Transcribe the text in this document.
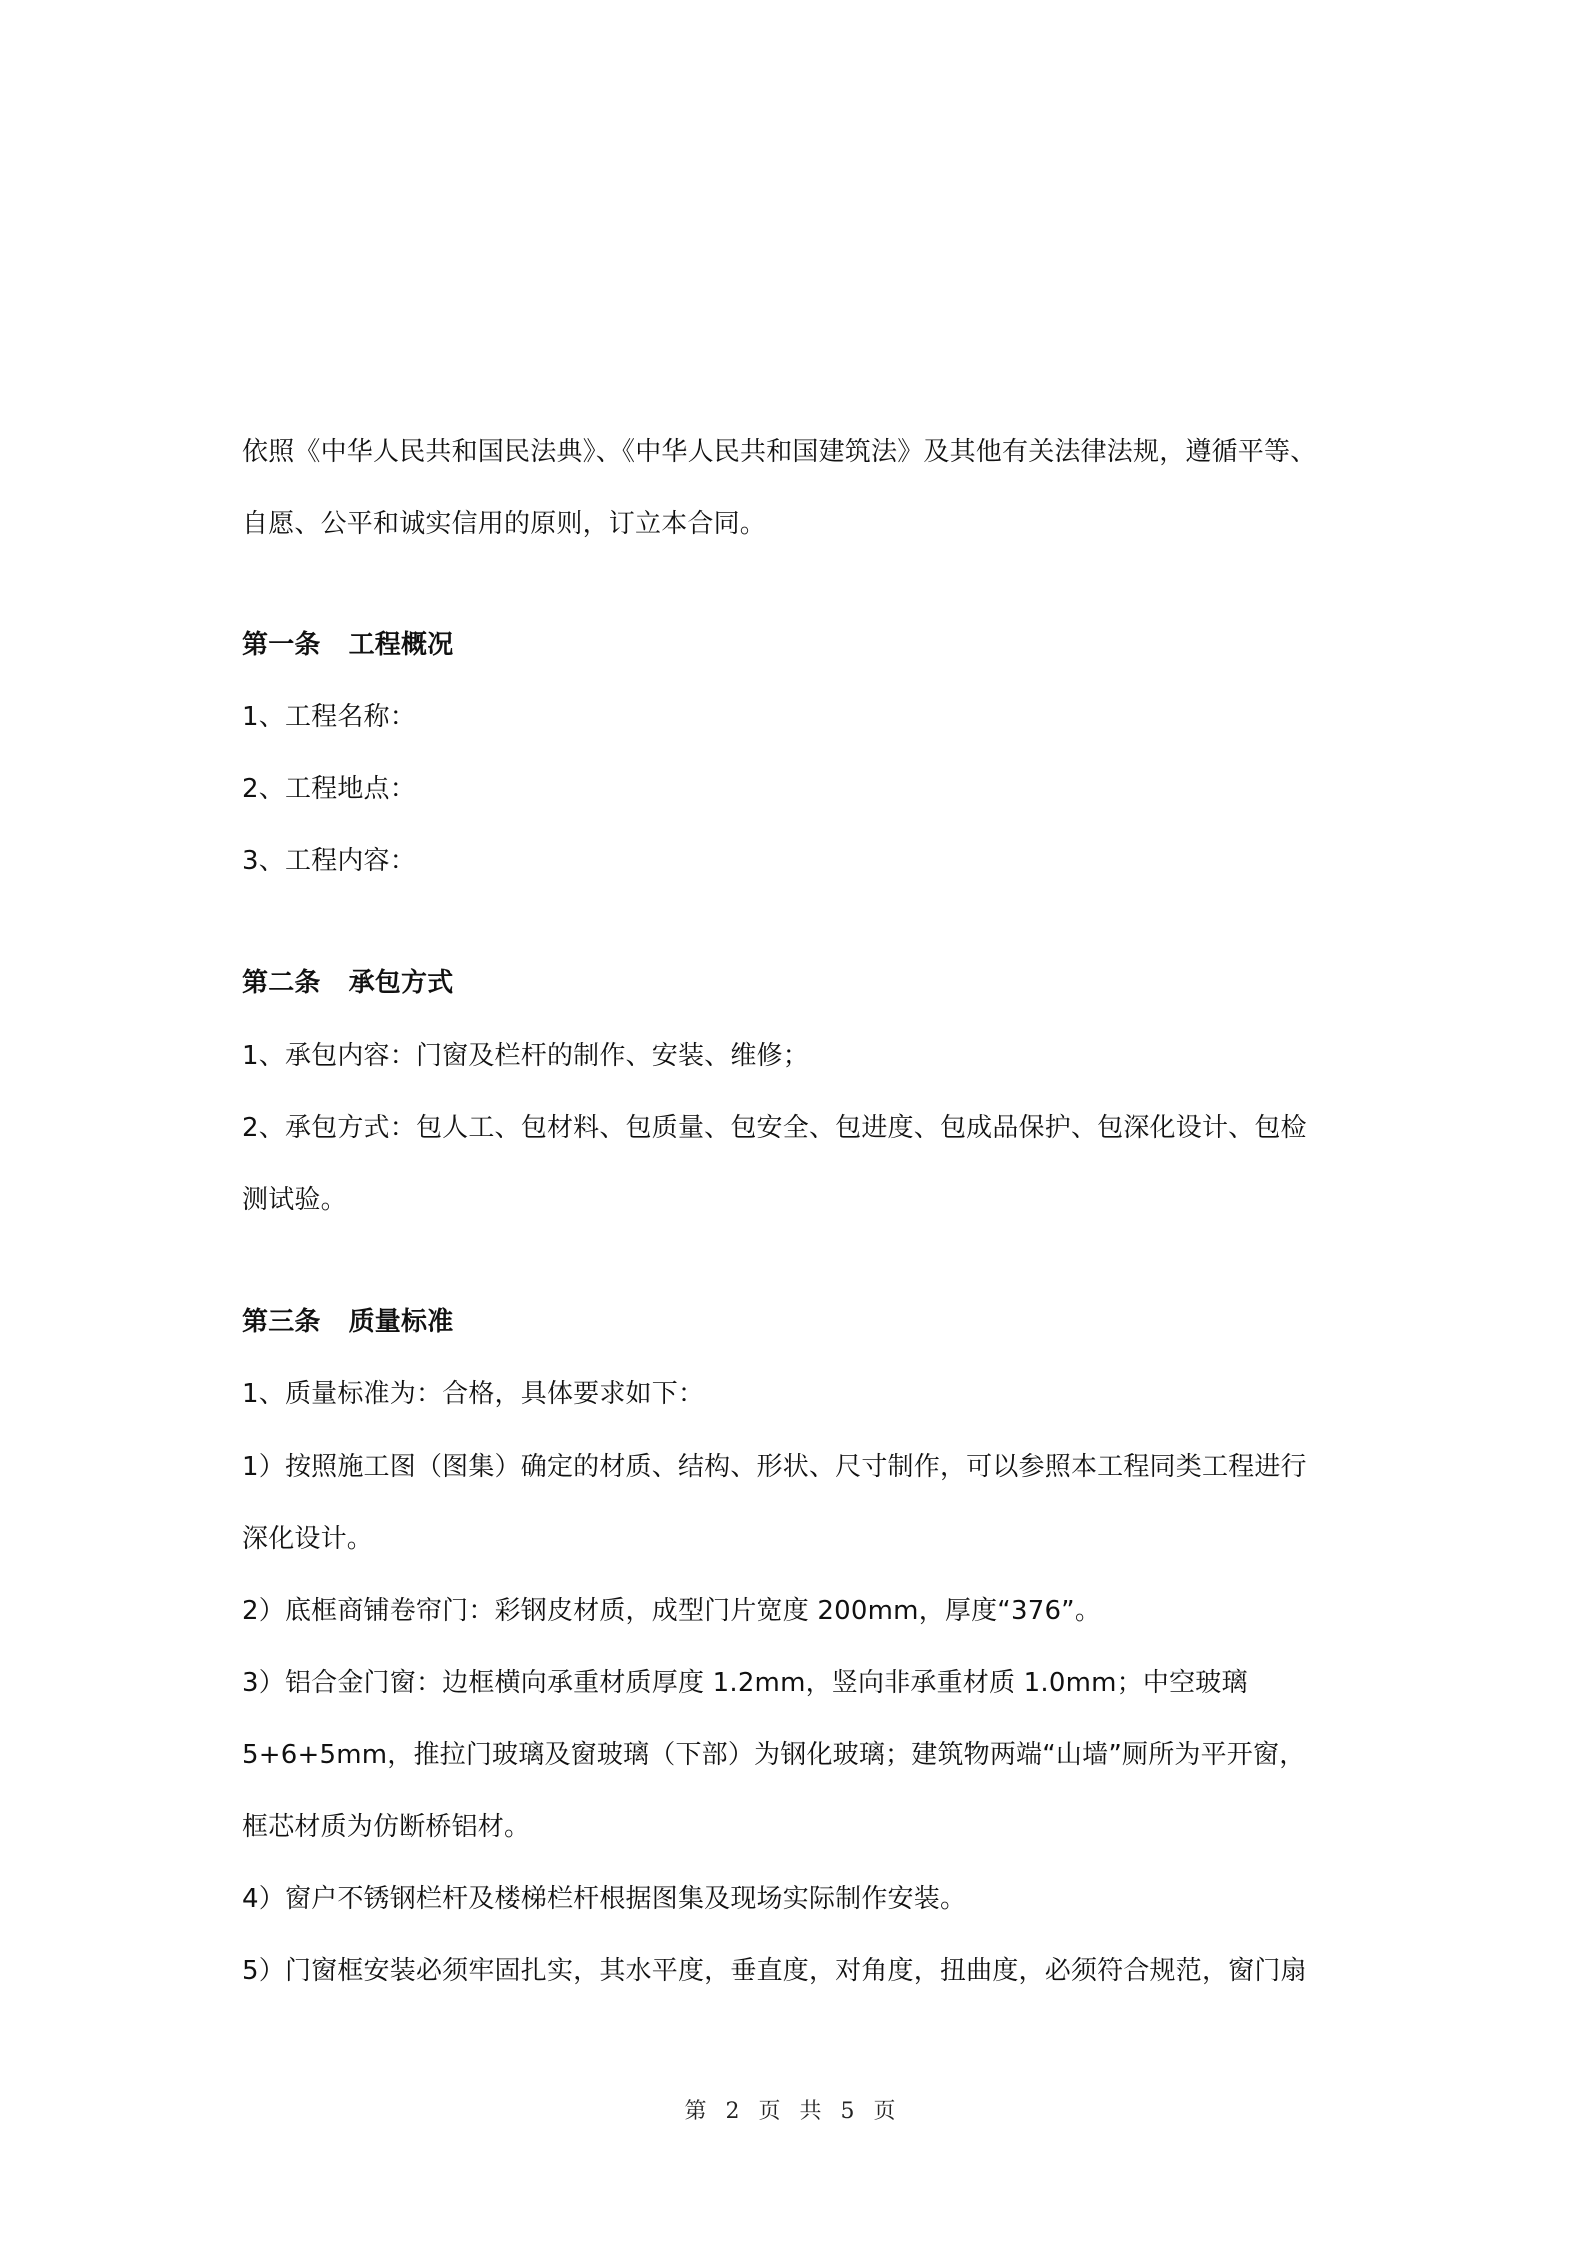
依照《中华人民共和国民法典》、《中华人民共和国建筑法》及其他有关法律法规，遵循平等、
自愿、公平和诚实信用的原则，订立本合同。
第一条 工程概况
1、工程名称：
2、工程地点：
3、工程内容：
第二条 承包方式
1、承包内容：门窗及栏杆的制作、安装、维修；
2、承包方式：包人工、包材料、包质量、包安全、包进度、包成品保护、包深化设计、包检
测试验。
第三条 质量标准
1、质量标准为：合格，具体要求如下：
1）按照施工图（图集）确定的材质、结构、形状、尺寸制作，可以参照本工程同类工程进行
深化设计。
2）底框商铺卷帘门：彩钢皮材质，成型门片宽度 200mm，厚度“376”。
3）铝合金门窗：边框横向承重材质厚度 1.2mm，竖向非承重材质 1.0mm；中空玻璃
5+6+5mm，推拉门玻璃及窗玻璃（下部）为钢化玻璃；建筑物两端“山墙”厕所为平开窗，
框芯材质为仿断桥铝材。
4）窗户不锈钢栏杆及楼梯栏杆根据图集及现场实际制作安装。
5）门窗框安装必须牢固扎实，其水平度，垂直度，对角度，扭曲度，必须符合规范，窗门扇
第 2 页 共 5 页
